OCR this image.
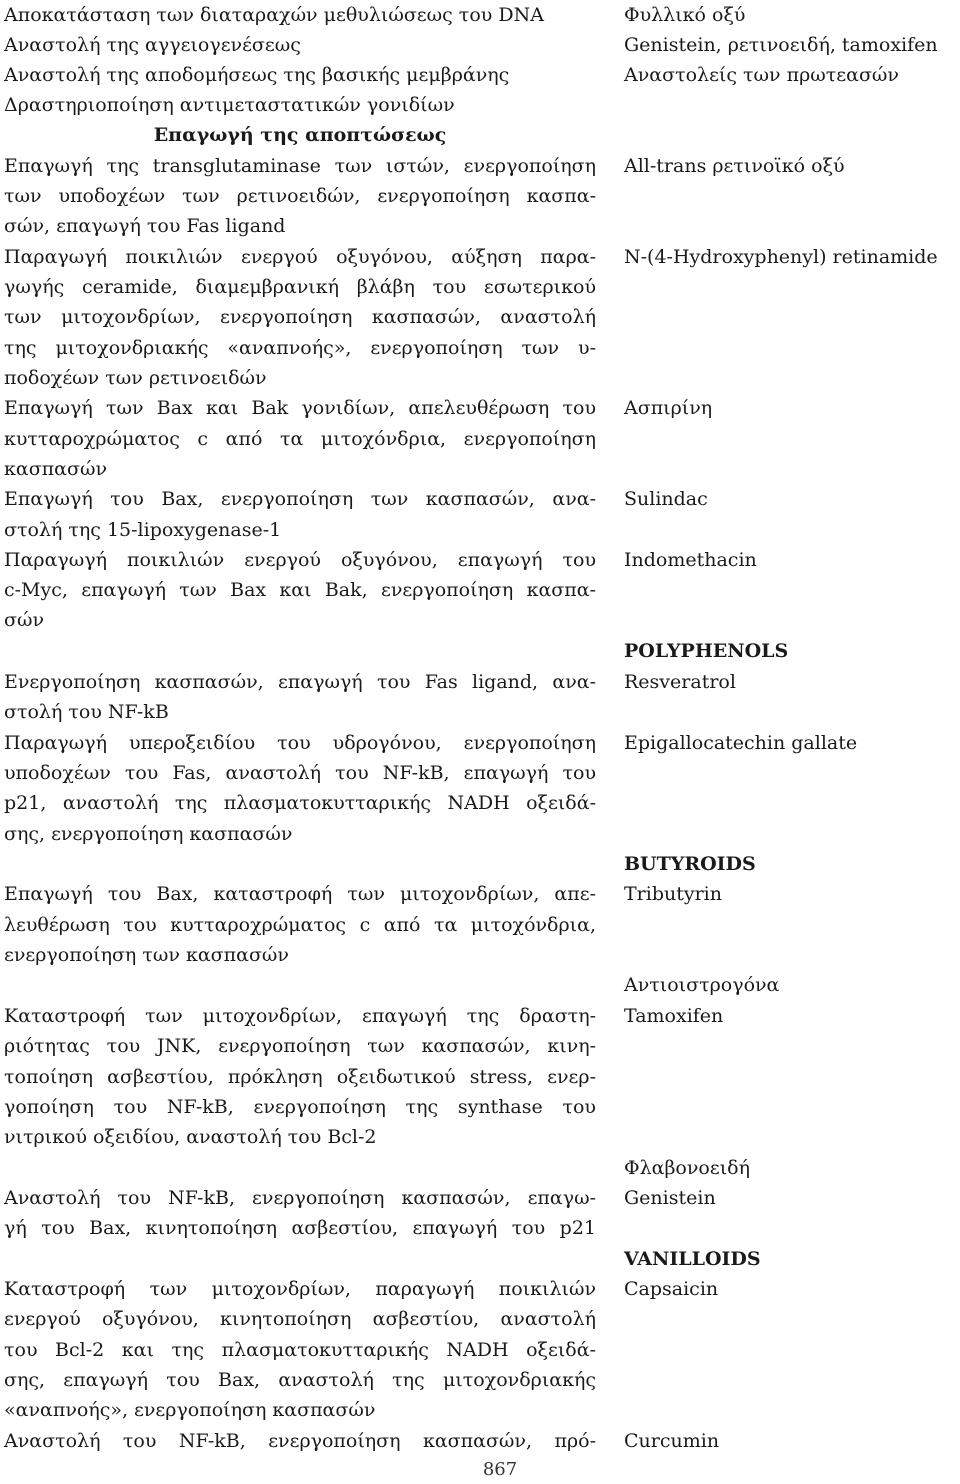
Αποκατάσταση των διαταραχών μεθυλιώσεως του DNA
Αναστολή της αγγειογενέσεως
Αναστολή της αποδομήσεως της βασικής μεμβράνης
Δραστηριοποίηση αντιμεταστατικών γονιδίων
Επαγωγή της αποπτώσεως
Επαγωγή της transglutaminase των ιστών, ενεργοποίηση
των υποδοχέων των ρετινοειδών, ενεργοποίηση κασπα-
σών, επαγωγή του Fas ligand
Παραγωγή ποικιλιών ενεργού οξυγόνου, αύξηση παρα-
γωγής ceramide, διαμεμβρανική βλάβη του εσωτερικού
των μιτοχονδρίων, ενεργοποίηση κασπασών, αναστολή
της μιτοχονδριακής «αναπνοής», ενεργοποίηση των υ-
ποδοχέων των ρετινοειδών
Επαγωγή των Bax και Bak γονιδίων, απελευθέρωση του
κυτταροχρώματος c από τα μιτοχόνδρια, ενεργοποίηση
κασπασών
Επαγωγή του Bax, ενεργοποίηση των κασπασών, ανα-
στολή της 15-lipoxygenase-1
Παραγωγή ποικιλιών ενεργού οξυγόνου, επαγωγή του
c-Myc, επαγωγή των Bax και Bak, ενεργοποίηση κασπα-
σών
Ενεργοποίηση κασπασών, επαγωγή του Fas ligand, ανα-
στολή του NF-kB
Παραγωγή υπεροξειδίου του υδρογόνου, ενεργοποίηση
υποδοχέων του Fas, αναστολή του NF-kB, επαγωγή του
p21, αναστολή της πλασματοκυτταρικής NADH οξειδά-
σης, ενεργοποίηση κασπασών
Επαγωγή του Bax, καταστροφή των μιτοχονδρίων, απε-
λευθέρωση του κυτταροχρώματος c από τα μιτοχόνδρια,
ενεργοποίηση των κασπασών
Καταστροφή των μιτοχονδρίων, επαγωγή της δραστη-
ριότητας του JNK, ενεργοποίηση των κασπασών, κινη-
τοποίηση ασβεστίου, πρόκληση οξειδωτικού stress, ενερ-
γοποίηση του NF-kB, ενεργοποίηση της synthase του
νιτρικού οξειδίου, αναστολή του Bcl-2
Αναστολή του NF-kB, ενεργοποίηση κασπασών, επαγω-
γή του Bax, κινητοποίηση ασβεστίου, επαγωγή του p21
Καταστροφή των μιτοχονδρίων, παραγωγή ποικιλιών
ενεργού οξυγόνου, κινητοποίηση ασβεστίου, αναστολή
του Bcl-2 και της πλασματοκυτταρικής NADH οξειδά-
σης, επαγωγή του Bax, αναστολή της μιτοχονδριακής
«αναπνοής», ενεργοποίηση κασπασών
Αναστολή του NF-kB, ενεργοποίηση κασπασών, πρό-
Φυλλικό οξύ
Genistein, ρετινοειδή, tamoxifen
Αναστολείς των πρωτεασών
All-trans ρετινοϊκό οξύ
N-(4-Hydroxyphenyl) retinamide
Ασπιρίνη
Sulindac
Indomethacin
POLYPHENOLS
Resveratrol
Epigallocatechin gallate
BUTYROIDS
Tributyrin
Αντιοιστρογόνα
Tamoxifen
Φλαβονοειδή
Genistein
VANILLOIDS
Capsaicin
Curcumin
867
